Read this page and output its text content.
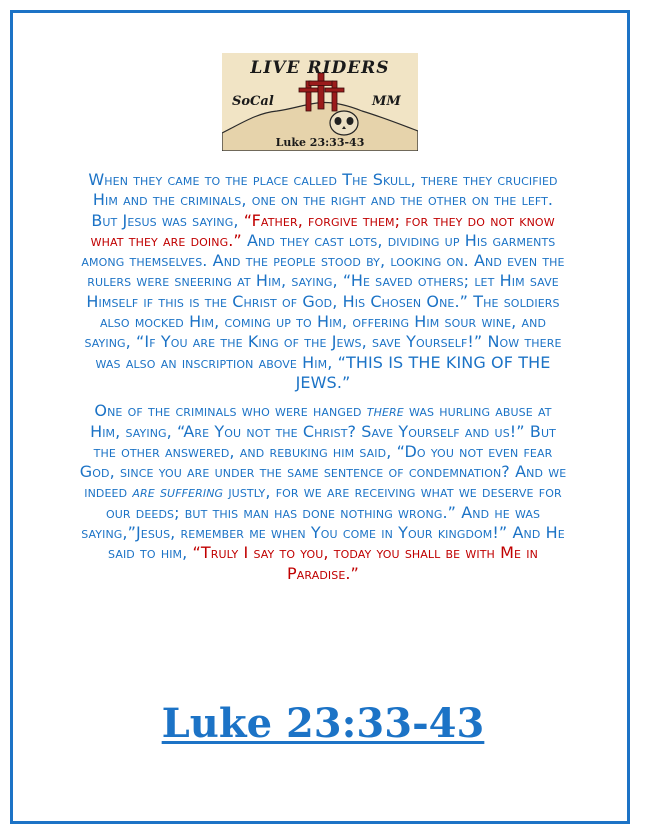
LIVE RIDERS
SoCal	MM
Luke 23:33-43

When they came to the place called The Skull, there they crucified Him and the criminals, one on the right and the other on the left. But Jesus was saying, “Father, forgive them; for they do not know what they are doing.” And they cast lots, dividing up His garments among themselves. And the people stood by, looking on. And even the rulers were sneering at Him, saying, “He saved others; let Him save Himself if this is the Christ of God, His Chosen One.” The soldiers also mocked Him, coming up to Him, offering Him sour wine, and saying, “If You are the King of the Jews, save Yourself!” Now there was also an inscription above Him, “THIS IS THE KING OF THE JEWS.”

One of the criminals who were hanged there was hurling abuse at Him, saying, “Are You not the Christ? Save Yourself and us!” But the other answered, and rebuking him said, “Do you not even fear God, since you are under the same sentence of condemnation? And we indeed are suffering justly, for we are receiving what we deserve for our deeds; but this man has done nothing wrong.” And he was saying,”Jesus, remember me when You come in Your kingdom!” And He said to him, “Truly I say to you, today you shall be with Me in Paradise.”

Luke 23:33-43
